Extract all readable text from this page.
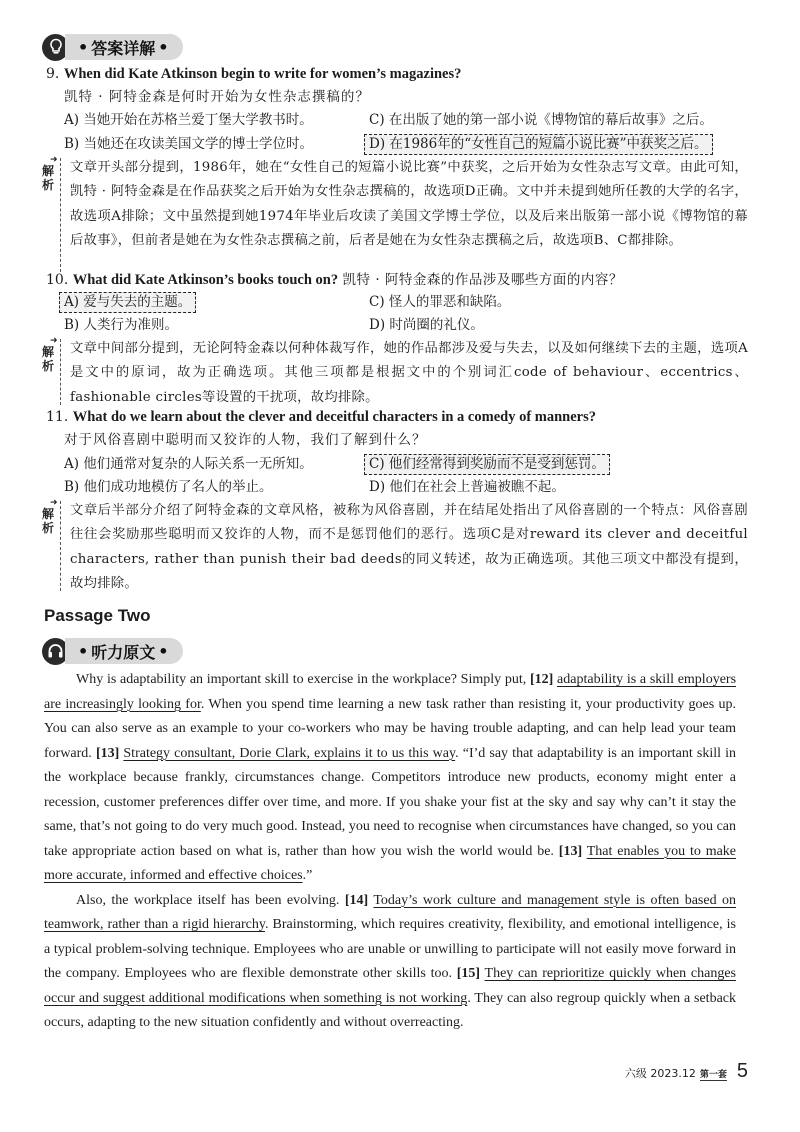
• 答案详解 •
9. When did Kate Atkinson begin to write for women’s magazines?
凯特 · 阿特金森是何时开始为女性杂志撰稿的？
A) 当她开始在苏格兰爱丁堡大学教书时。	C) 在出版了她的第一部小说《博物馆的幕后故事》之后。
B) 当她还在攻读美国文学的博士学位时。	D) 在1986年的“女性自己的短篇小说比赛”中获奖之后。
➜
解析
文章开头部分提到，1986年，她在“女性自己的短篇小说比赛”中获奖，之后开始为女性杂志写文章。由此可知，凯特 · 阿特金森是在作品获奖之后开始为女性杂志撰稿的，故选项D正确。文中并未提到她所任教的大学的名字，故选项A排除；文中虽然提到她1974年毕业后攻读了美国文学博士学位，以及后来出版第一部小说《博物馆的幕后故事》，但前者是她在为女性杂志撰稿之前，后者是她在为女性杂志撰稿之后，故选项B、C都排除。
10. What did Kate Atkinson’s books touch on? 凯特 · 阿特金森的作品涉及哪些方面的内容？
A) 爱与失去的主题。	C) 怪人的罪恶和缺陷。
B) 人类行为准则。	D) 时尚圈的礼仪。
➜
解析
文章中间部分提到，无论阿特金森以何种体裁写作，她的作品都涉及爱与失去，以及如何继续下去的主题，选项A是文中的原词，故为正确选项。其他三项都是根据文中的个别词汇code of behaviour、eccentrics、fashionable circles等设置的干扰项，故均排除。
11. What do we learn about the clever and deceitful characters in a comedy of manners?
对于风俗喜剧中聪明而又狡诈的人物，我们了解到什么？
A) 他们通常对复杂的人际关系一无所知。	C) 他们经常得到奖励而不是受到惩罚。
B) 他们成功地模仿了名人的举止。	D) 他们在社会上普遍被瞧不起。
➜
解析
文章后半部分介绍了阿特金森的文章风格，被称为风俗喜剧，并在结尾处指出了风俗喜剧的一个特点：风俗喜剧往往会奖励那些聪明而又狡诈的人物，而不是惩罚他们的恶行。选项C是对reward its clever and deceitful characters, rather than punish their bad deeds的同义转述，故为正确选项。其他三项文中都没有提到，故均排除。
Passage Two
• 听力原文 •

Why is adaptability an important skill to exercise in the workplace? Simply put, [12] adaptability is a skill employers are increasingly looking for. When you spend time learning a new task rather than resisting it, your productivity goes up. You can also serve as an example to your co-workers who may be having trouble adapting, and can help lead your team forward. [13] Strategy consultant, Dorie Clark, explains it to us this way. “I’d say that adaptability is an important skill in the workplace because frankly, circumstances change. Competitors introduce new products, economy might enter a recession, customer preferences differ over time, and more. If you shake your fist at the sky and say why can’t it stay the same, that’s not going to do very much good. Instead, you need to recognise when circumstances have changed, so you can take appropriate action based on what is, rather than how you wish the world would be. [13] That enables you to make more accurate, informed and effective choices.”

Also, the workplace itself has been evolving. [14] Today’s work culture and management style is often based on teamwork, rather than a rigid hierarchy. Brainstorming, which requires creativity, flexibility, and emotional intelligence, is a typical problem-solving technique. Employees who are unable or unwilling to participate will not easily move forward in the company. Employees who are flexible demonstrate other skills too. [15] They can reprioritize quickly when changes occur and suggest additional modifications when something is not working. They can also regroup quickly when a setback occurs, adapting to the new situation confidently and without overreacting.

六级 2023.12 第一套 5
